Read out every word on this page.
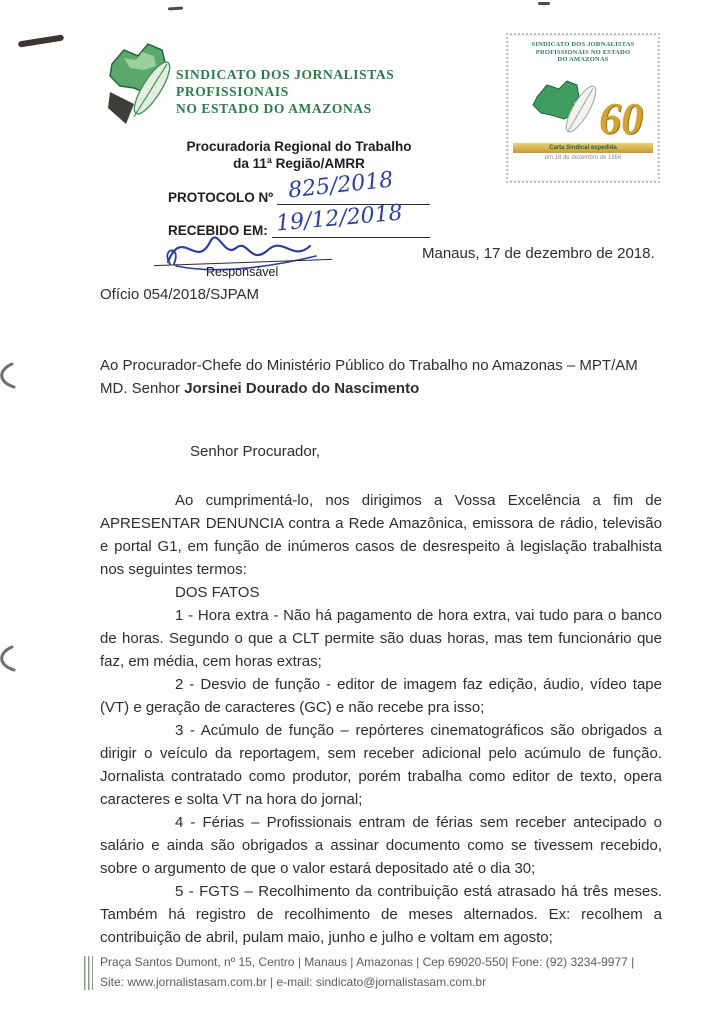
SINDICATO DOS JORNALISTAS
PROFISSIONAIS
NO ESTADO DO AMAZONAS
SINDICATO DOS JORNALISTAS
PROFISSIONAIS NO ESTADO
DO AMAZONAS
60
Carta Sindical expedida
em 18 de dezembro de 1958
Procuradoria Regional do Trabalho
da 11ª Região/AMRR
PROTOCOLO Nº 825/2018
RECEBIDO EM: 19/12/2018
Responsável
Manaus, 17 de dezembro de 2018.
Ofício 054/2018/SJPAM
Ao Procurador-Chefe do Ministério Público do Trabalho no Amazonas – MPT/AM
MD. Senhor Jorsinei Dourado do Nascimento
Senhor Procurador,

Ao cumprimentá-lo, nos dirigimos a Vossa Excelência a fim de APRESENTAR DENUNCIA contra a Rede Amazônica, emissora de rádio, televisão e portal G1, em função de inúmeros casos de desrespeito à legislação trabalhista nos seguintes termos:

DOS FATOS

1 - Hora extra - Não há pagamento de hora extra, vai tudo para o banco de horas. Segundo o que a CLT permite são duas horas, mas tem funcionário que faz, em média, cem horas extras;

2 - Desvio de função - editor de imagem faz edição, áudio, vídeo tape (VT) e geração de caracteres (GC) e não recebe pra isso;

3 - Acúmulo de função – repórteres cinematográficos são obrigados a dirigir o veículo da reportagem, sem receber adicional pelo acúmulo de função. Jornalista contratado como produtor, porém trabalha como editor de texto, opera caracteres e solta VT na hora do jornal;

4 - Férias – Profissionais entram de férias sem receber antecipado o salário e ainda são obrigados a assinar documento como se tivessem recebido, sobre o argumento de que o valor estará depositado até o dia 30;

5 - FGTS – Recolhimento da contribuição está atrasado há três meses. Também há registro de recolhimento de meses alternados. Ex: recolhem a contribuição de abril, pulam maio, junho e julho e voltam em agosto;

Praça Santos Dumont, nº 15, Centro | Manaus | Amazonas | Cep 69020-550| Fone: (92) 3234-9977 |
Site: www.jornalistasam.com.br | e-mail: sindicato@jornalistasam.com.br
